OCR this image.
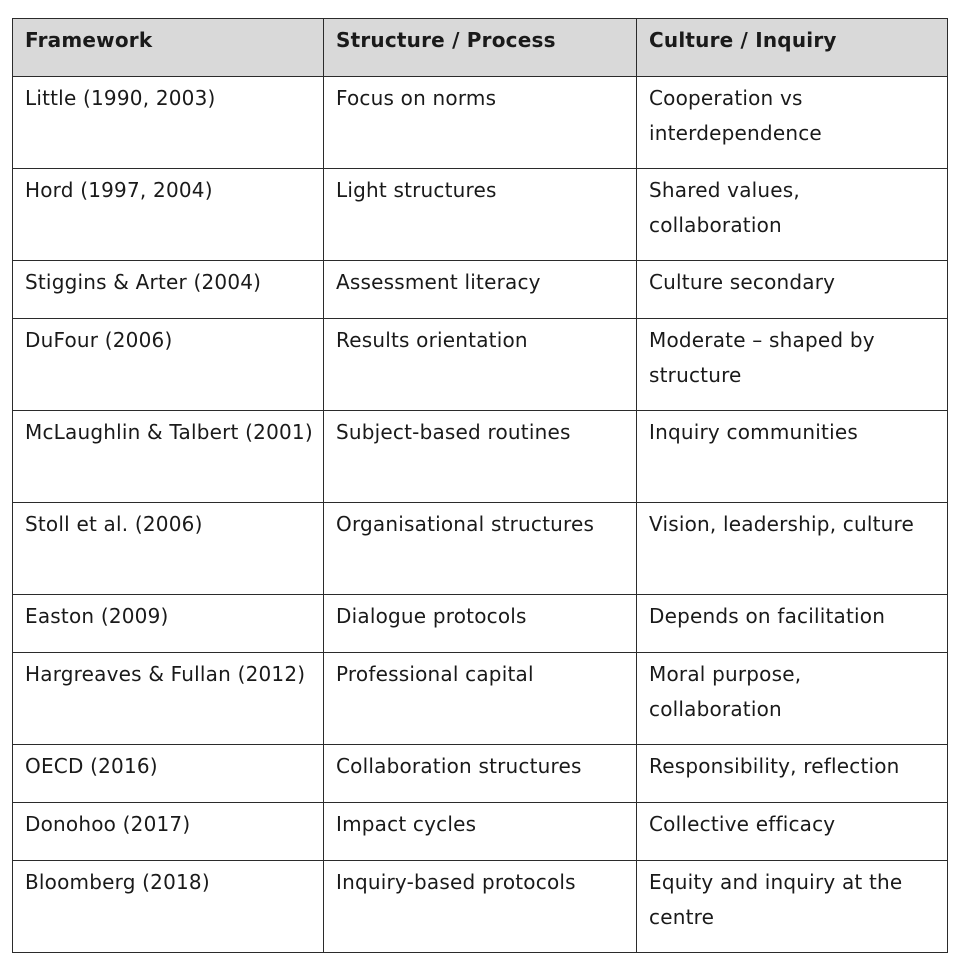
Framework	Structure / Process	Culture / Inquiry
Little (1990, 2003)	Focus on norms	Cooperation vs interdependence
Hord (1997, 2004)	Light structures	Shared values, collaboration
Stiggins & Arter (2004)	Assessment literacy	Culture secondary
DuFour (2006)	Results orientation	Moderate – shaped by structure
McLaughlin & Talbert (2001)	Subject-based routines	Inquiry communities
Stoll et al. (2006)	Organisational structures	Vision, leadership, culture
Easton (2009)	Dialogue protocols	Depends on facilitation
Hargreaves & Fullan (2012)	Professional capital	Moral purpose, collaboration
OECD (2016)	Collaboration structures	Responsibility, reflection
Donohoo (2017)	Impact cycles	Collective efficacy
Bloomberg (2018)	Inquiry-based protocols	Equity and inquiry at the centre
